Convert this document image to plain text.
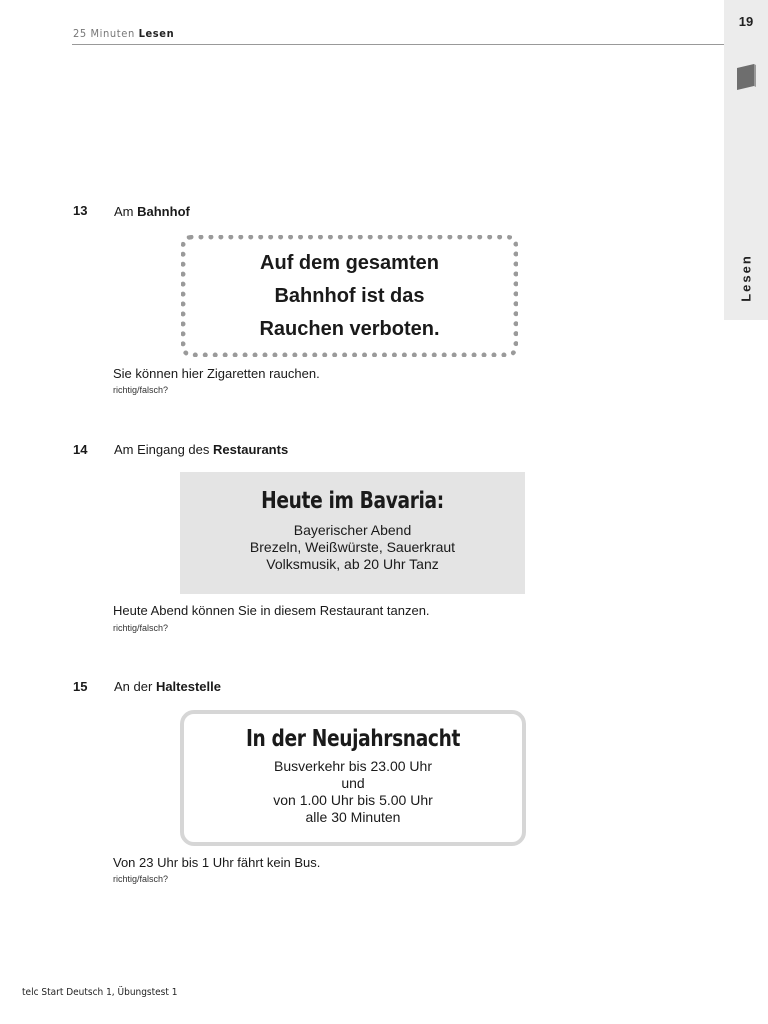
25 Minuten Lesen
19
Lesen
13 Am Bahnhof
Auf dem gesamten
Bahnhof ist das
Rauchen verboten.
Sie können hier Zigaretten rauchen.
richtig/falsch?
14 Am Eingang des Restaurants
Heute im Bavaria:
Bayerischer Abend
Brezeln, Weißwürste, Sauerkraut
Volksmusik, ab 20 Uhr Tanz
Heute Abend können Sie in diesem Restaurant tanzen.
richtig/falsch?
15 An der Haltestelle
In der Neujahrsnacht
Busverkehr bis 23.00 Uhr
und
von 1.00 Uhr bis 5.00 Uhr
alle 30 Minuten
Von 23 Uhr bis 1 Uhr fährt kein Bus.
richtig/falsch?
telc Start Deutsch 1, Übungstest 1
